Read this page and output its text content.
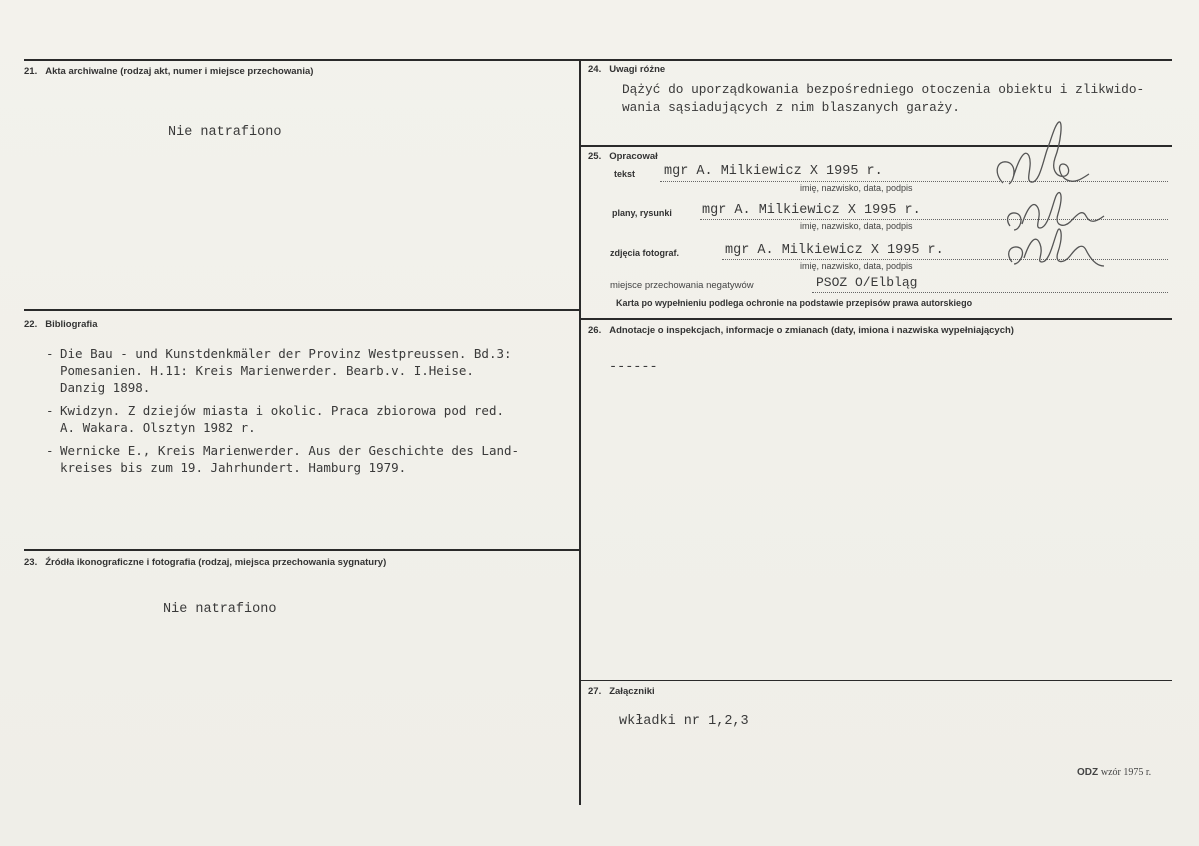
21. Akta archiwalne (rodzaj akt, numer i miejsce przechowania)
Nie natrafiono
22. Bibliografia
- Die Bau - und Kunstdenkmäler der Provinz Westpreussen. Bd.3:
Pomesanien. H.11: Kreis Marienwerder. Bearb.v. I.Heise.
Danzig 1898.
- Kwidzyn. Z dziejów miasta i okolic. Praca zbiorowa pod red.
A. Wakara. Olsztyn 1982 r.
- Wernicke E., Kreis Marienwerder. Aus der Geschichte des Land-
kreises bis zum 19. Jahrhundert. Hamburg 1979.
23. Źródła ikonograficzne i fotografia (rodzaj, miejsca przechowania sygnatury)
Nie natrafiono
24. Uwagi różne
Dążyć do uporządkowania bezpośredniego otoczenia obiektu i zlikwido-
wania sąsiadujących z nim blaszanych garaży.
25. Opracował
tekst mgr A. Milkiewicz X 1995 r.
imię, nazwisko, data, podpis
plany, rysunki mgr A. Milkiewicz X 1995 r.
imię, nazwisko, data, podpis
zdjęcia fotograf.	mgr A. Milkiewicz X 1995 r.
imię, nazwisko, data, podpis
miejsce przechowania negatywów	PSOZ O/Elbląg
Karta po wypełnieniu podlega ochronie na podstawie przepisów prawa autorskiego
26. Adnotacje o inspekcjach, informacje o zmianach (daty, imiona i nazwiska wypełniających)
------
27. Załączniki
wkładki nr 1,2,3
ODZ wzór 1975 r.
